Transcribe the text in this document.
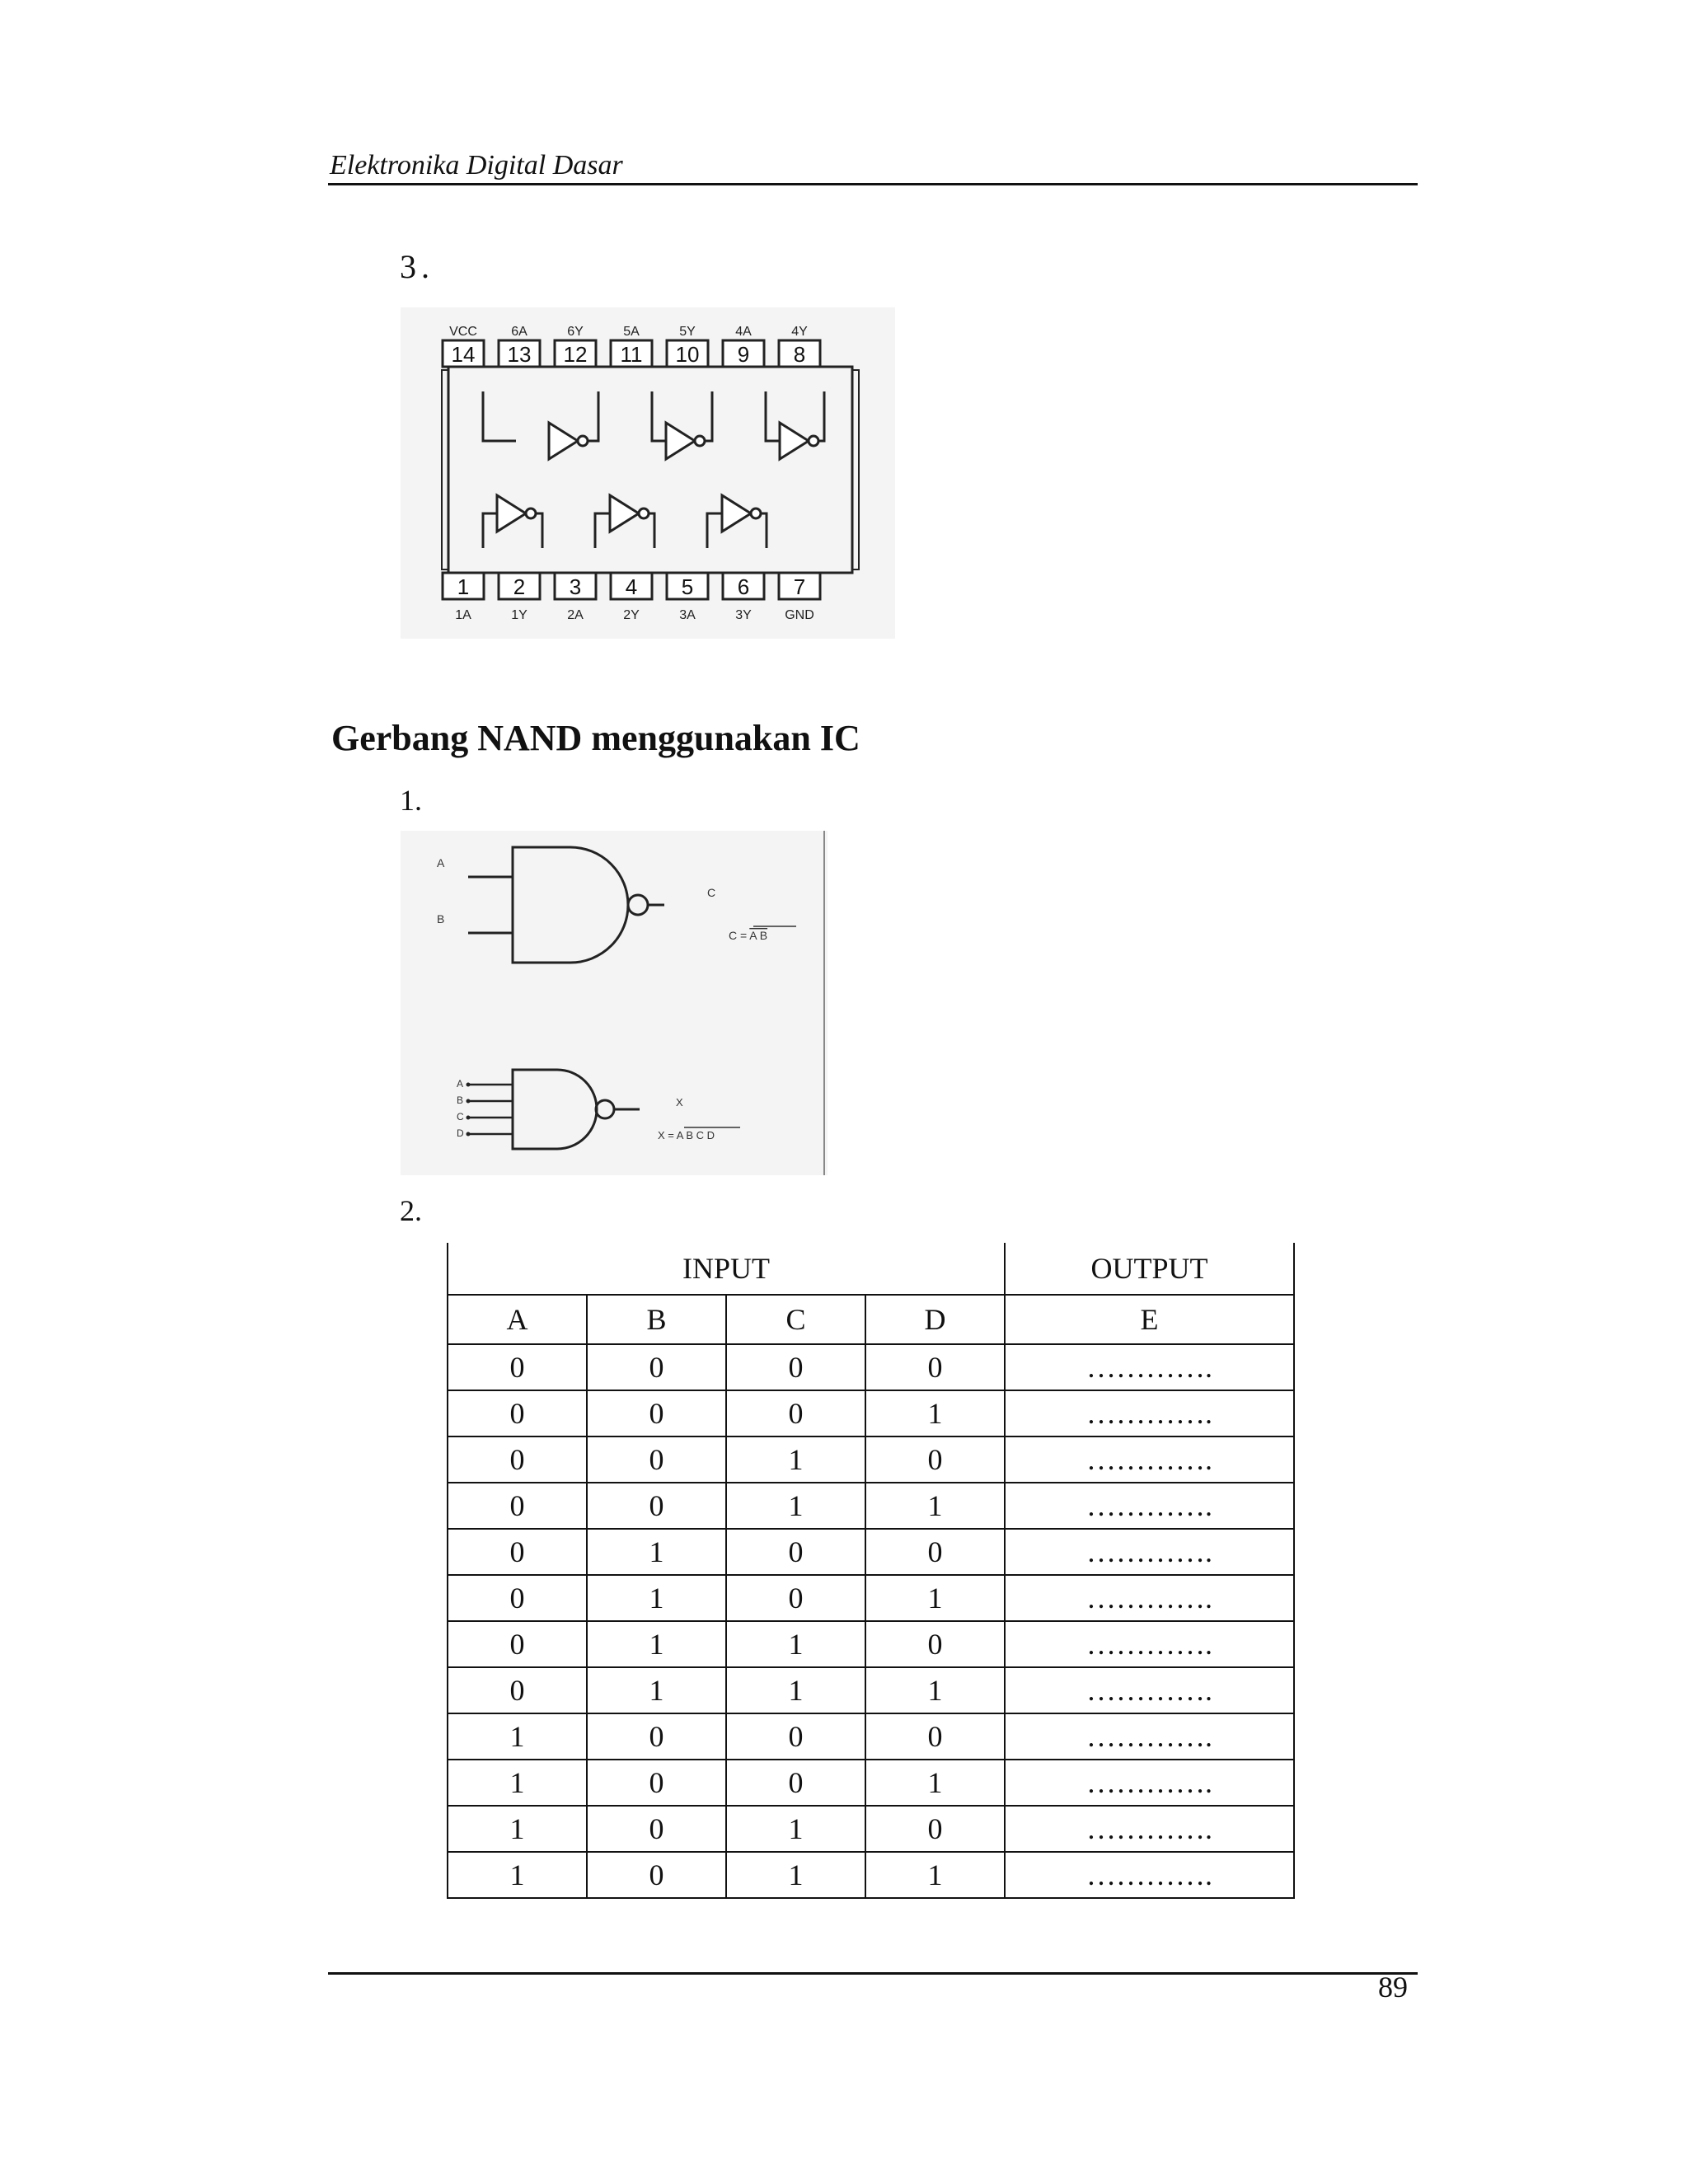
Elektronika Digital Dasar
3.
14
VCC
13
6A
12
6Y
11
5A
10
5Y
9
4A
8
4Y
1
1A
2
1Y
3
2A
4
2Y
5
3A
6
3Y
7
GND
Gerbang NAND menggunakan IC
1.
A
B
C
C = A B
A
B
C
D
X
X = A B C D
2.
INPUT				OUTPUT
A	B	C	D	E
0	0	0	0	………….
0	0	0	1	………….
0	0	1	0	………….
0	0	1	1	………….
0	1	0	0	………….
0	1	0	1	………….
0	1	1	0	………….
0	1	1	1	………….
1	0	0	0	………….
1	0	0	1	………….
1	0	1	0	………….
1	0	1	1	………….
89
